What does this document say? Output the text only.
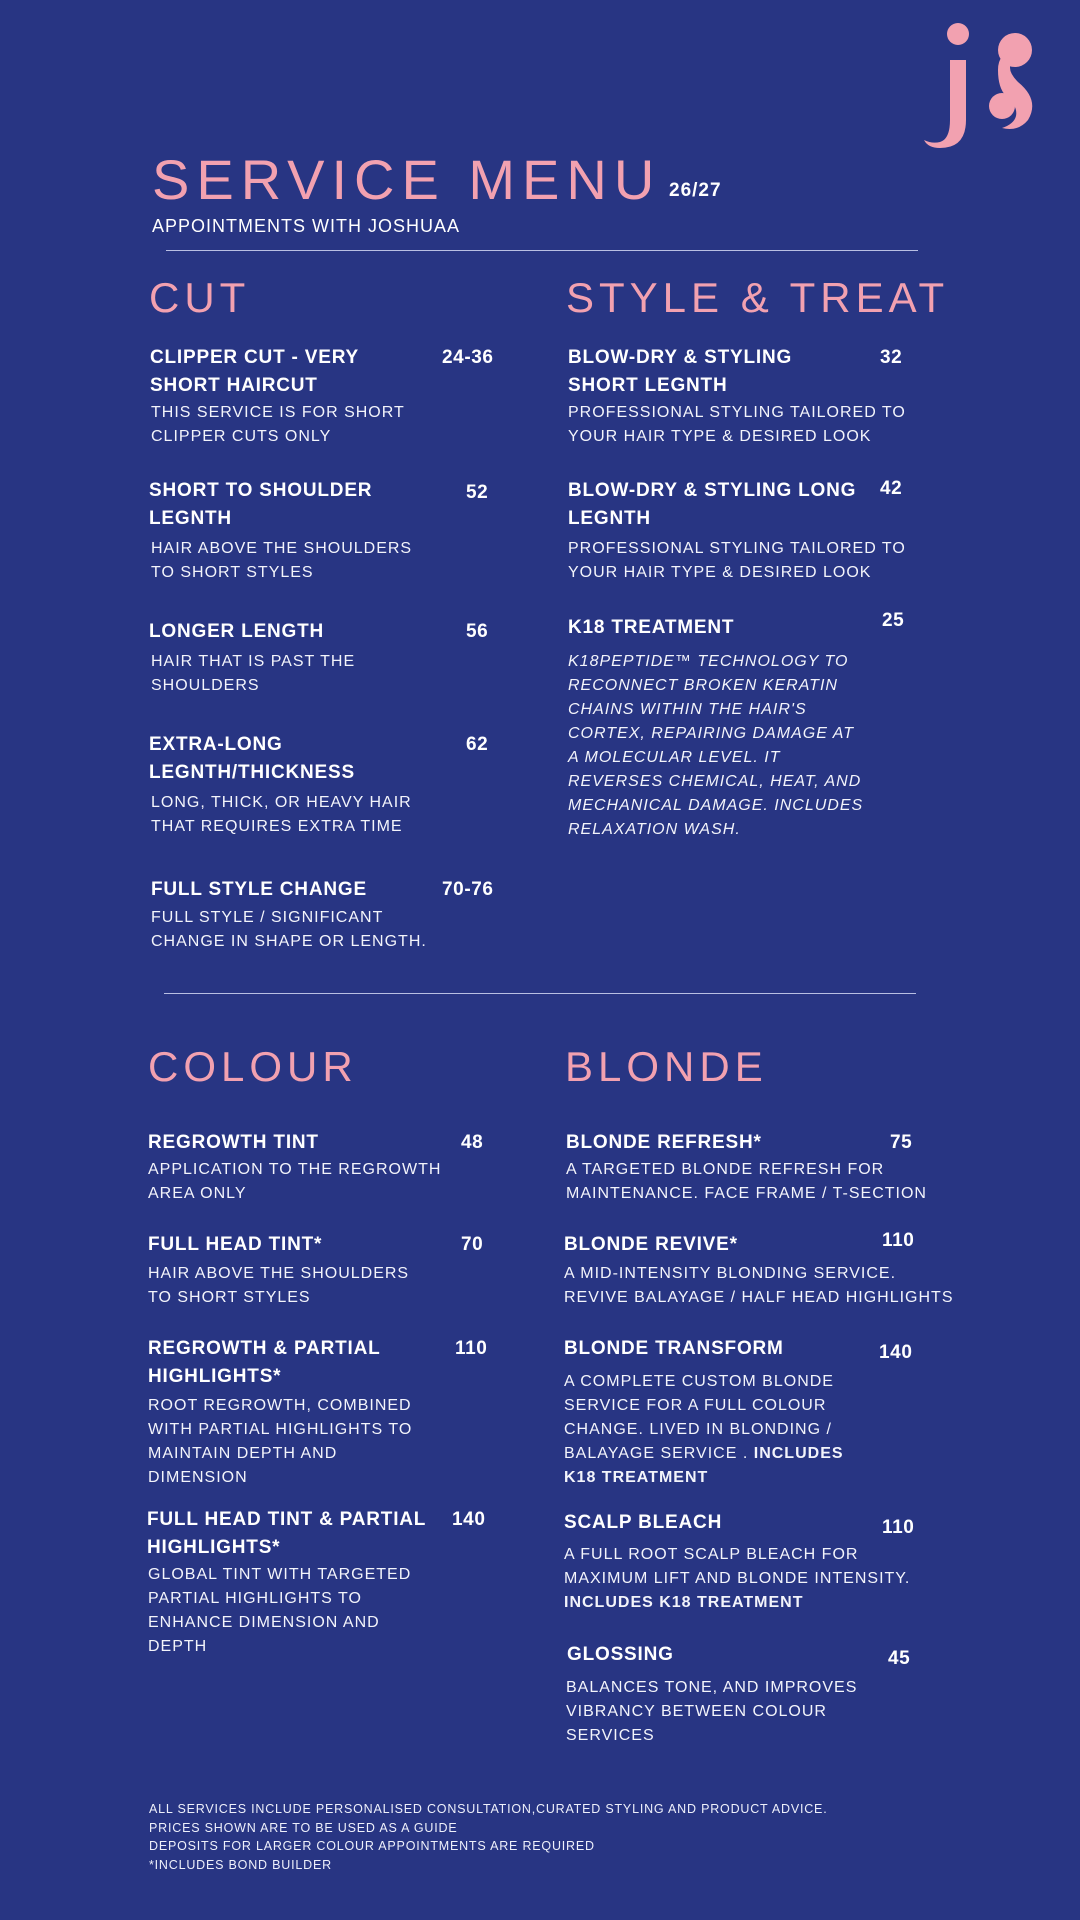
SERVICE MENU 26/27
APPOINTMENTS WITH JOSHUAA
CUT
CLIPPER CUT - VERY SHORT HAIRCUT
24-36
THIS SERVICE IS FOR SHORT CLIPPER CUTS ONLY
SHORT TO SHOULDER LEGNTH
52
HAIR ABOVE THE SHOULDERS TO SHORT STYLES
LONGER LENGTH	56
HAIR THAT IS PAST THE SHOULDERS
EXTRA-LONG LEGNTH/THICKNESS
62
LONG, THICK, OR HEAVY HAIR THAT REQUIRES EXTRA TIME
FULL STYLE CHANGE	70-76
FULL STYLE / SIGNIFICANT CHANGE IN SHAPE OR LENGTH.
STYLE & TREAT
BLOW-DRY & STYLING SHORT LEGNTH
32
PROFESSIONAL STYLING TAILORED TO YOUR HAIR TYPE & DESIRED LOOK
BLOW-DRY & STYLING LONG LEGNTH
42
PROFESSIONAL STYLING TAILORED TO YOUR HAIR TYPE & DESIRED LOOK
K18 TREATMENT	25
K18PEPTIDE™ TECHNOLOGY TO RECONNECT BROKEN KERATIN CHAINS WITHIN THE HAIR'S CORTEX, REPAIRING DAMAGE AT A MOLECULAR LEVEL. IT REVERSES CHEMICAL, HEAT, AND MECHANICAL DAMAGE. INCLUDES RELAXATION WASH.
COLOUR
REGROWTH TINT	48
APPLICATION TO THE REGROWTH AREA ONLY
FULL HEAD TINT*	70
HAIR ABOVE THE SHOULDERS TO SHORT STYLES
REGROWTH & PARTIAL HIGHLIGHTS*
110
ROOT REGROWTH, COMBINED WITH PARTIAL HIGHLIGHTS TO MAINTAIN DEPTH AND DIMENSION
FULL HEAD TINT & PARTIAL HIGHLIGHTS*
140
GLOBAL TINT WITH TARGETED PARTIAL HIGHLIGHTS TO ENHANCE DIMENSION AND DEPTH
BLONDE
BLONDE REFRESH*	75
A TARGETED BLONDE REFRESH FOR MAINTENANCE. FACE FRAME / T-SECTION
BLONDE REVIVE*	110
A MID-INTENSITY BLONDING SERVICE. REVIVE BALAYAGE / HALF HEAD HIGHLIGHTS
BLONDE TRANSFORM	140
A COMPLETE CUSTOM BLONDE SERVICE FOR A FULL COLOUR CHANGE. LIVED IN BLONDING / BALAYAGE SERVICE . INCLUDES K18 TREATMENT
SCALP BLEACH	110
A FULL ROOT SCALP BLEACH FOR MAXIMUM LIFT AND BLONDE INTENSITY. INCLUDES K18 TREATMENT
GLOSSING	45
BALANCES TONE, AND IMPROVES VIBRANCY BETWEEN COLOUR SERVICES
ALL SERVICES INCLUDE PERSONALISED CONSULTATION,CURATED STYLING AND PRODUCT ADVICE.
PRICES SHOWN ARE TO BE USED AS A GUIDE
DEPOSITS FOR LARGER COLOUR APPOINTMENTS ARE REQUIRED
*INCLUDES BOND BUILDER
